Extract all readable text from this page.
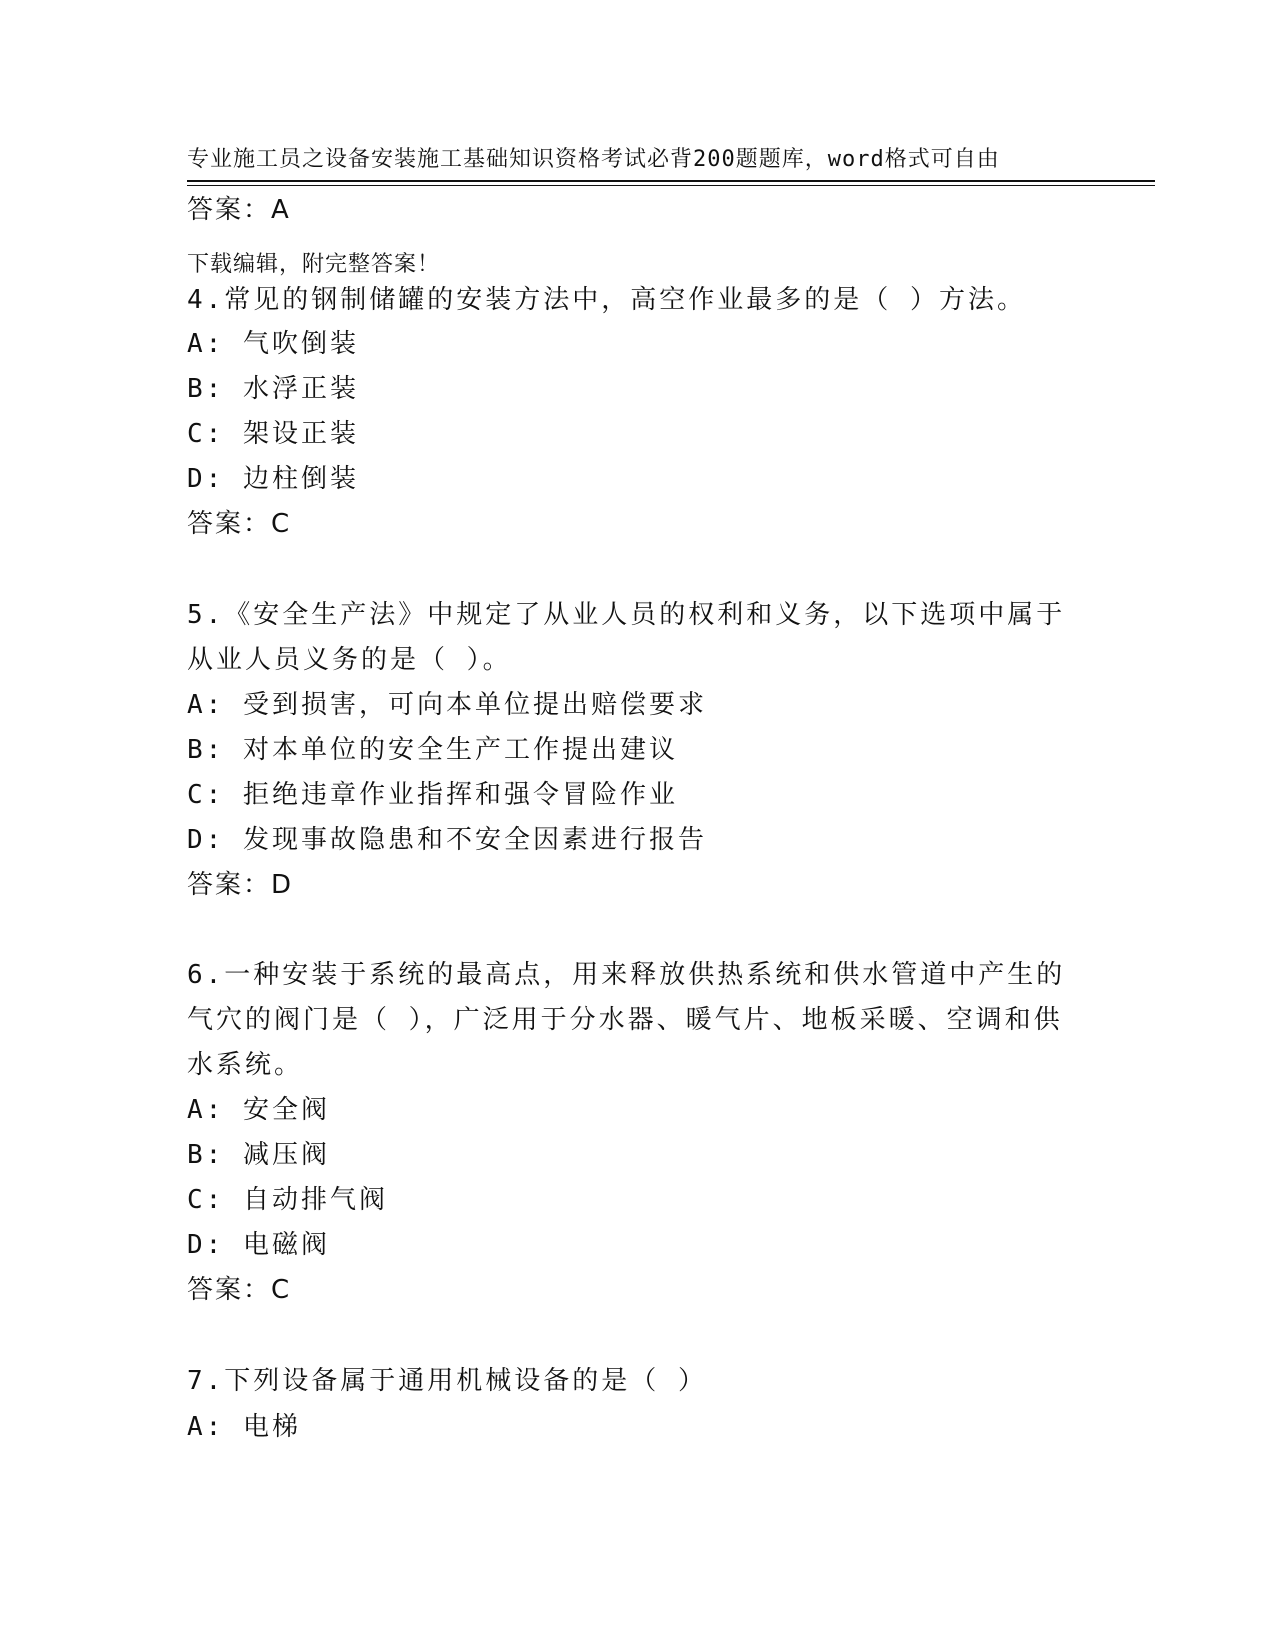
专业施工员之设备安装施工基础知识资格考试必背200题题库，word格式可自由

下载编辑，附完整答案！

答案：A
4.常见的钢制储罐的安装方法中，高空作业最多的是（ ）方法。
A: 气吹倒装
B: 水浮正装
C: 架设正装
D: 边柱倒装
答案：C
5.《安全生产法》中规定了从业人员的权利和义务，以下选项中属于
从业人员义务的是（ ）。
A: 受到损害，可向本单位提出赔偿要求
B: 对本单位的安全生产工作提出建议
C: 拒绝违章作业指挥和强令冒险作业
D: 发现事故隐患和不安全因素进行报告
答案：D
6.一种安装于系统的最高点，用来释放供热系统和供水管道中产生的
气穴的阀门是（ ），广泛用于分水器、暖气片、地板采暖、空调和供
水系统。
A: 安全阀
B: 减压阀
C: 自动排气阀
D: 电磁阀
答案：C
7.下列设备属于通用机械设备的是（ ）
A: 电梯
